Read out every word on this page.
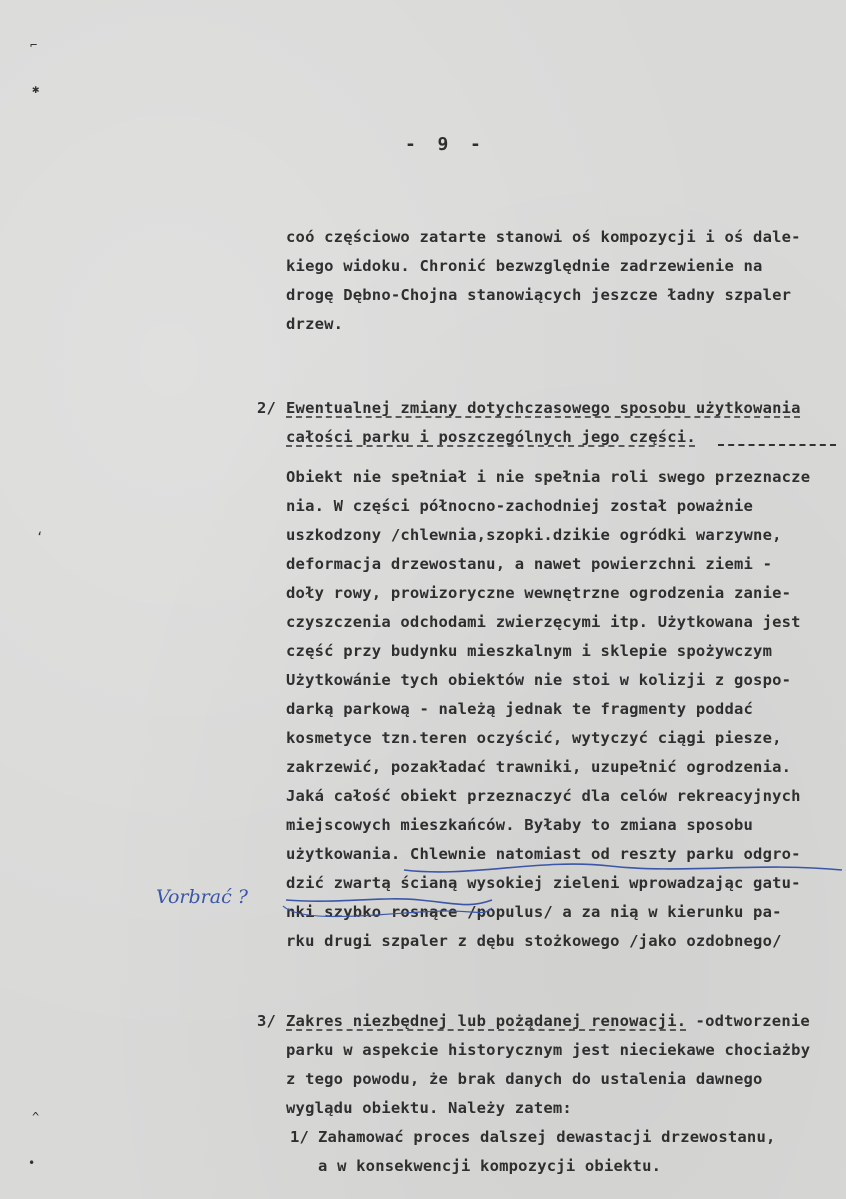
⌐
✱
‘
^
•
-  9  -
coó częściowo zatarte stanowi oś kompozycji i oś dale-
kiego widoku. Chronić bezwzględnie zadrzewienie na
drogę Dębno-Chojna stanowiących jeszcze ładny szpaler
drzew.
2/ Ewentualnej zmiany dotychczasowego sposobu użytkowania
całości parku i poszczególnych jego części.
Obiekt nie spełniał i nie spełnia roli swego przeznacze
nia. W części północno-zachodniej został poważnie
uszkodzony /chlewnia,szopki.dzikie ogródki warzywne,
deformacja drzewostanu, a nawet powierzchni ziemi -
doły rowy, prowizoryczne wewnętrzne ogrodzenia zanie-
czyszczenia odchodami zwierzęcymi itp. Użytkowana jest
część przy budynku mieszkalnym i sklepie spożywczym
Użytkowánie tych obiektów nie stoi w kolizji z gospo-
darką parkową - należą jednak te fragmenty poddać
kosmetyce tzn.teren oczyścić, wytyczyć ciągi piesze,
zakrzewić, pozakładać trawniki, uzupełnić ogrodzenia.
Jaká całość obiekt przeznaczyć dla celów rekreacyjnych
miejscowych mieszkańców. Byłaby to zmiana sposobu
użytkowania. Chlewnie natomiast od reszty parku odgro-
dzić zwartą ścianą wysokiej zieleni wprowadzając gatu-
nki szybko rosnące /populus/ a za nią w kierunku pa-
rku drugi szpaler z dębu stożkowego /jako ozdobnego/
Vorbrać ?
3/ Zakres niezbędnej lub pożądanej renowacji. -odtworzenie
parku w aspekcie historycznym jest nieciekawe chociażby
z tego powodu, że brak danych do ustalenia dawnego
wyglądu obiektu. Należy zatem:
1/ Zahamować proces dalszej dewastacji drzewostanu,
a w konsekwencji kompozycji obiektu.
